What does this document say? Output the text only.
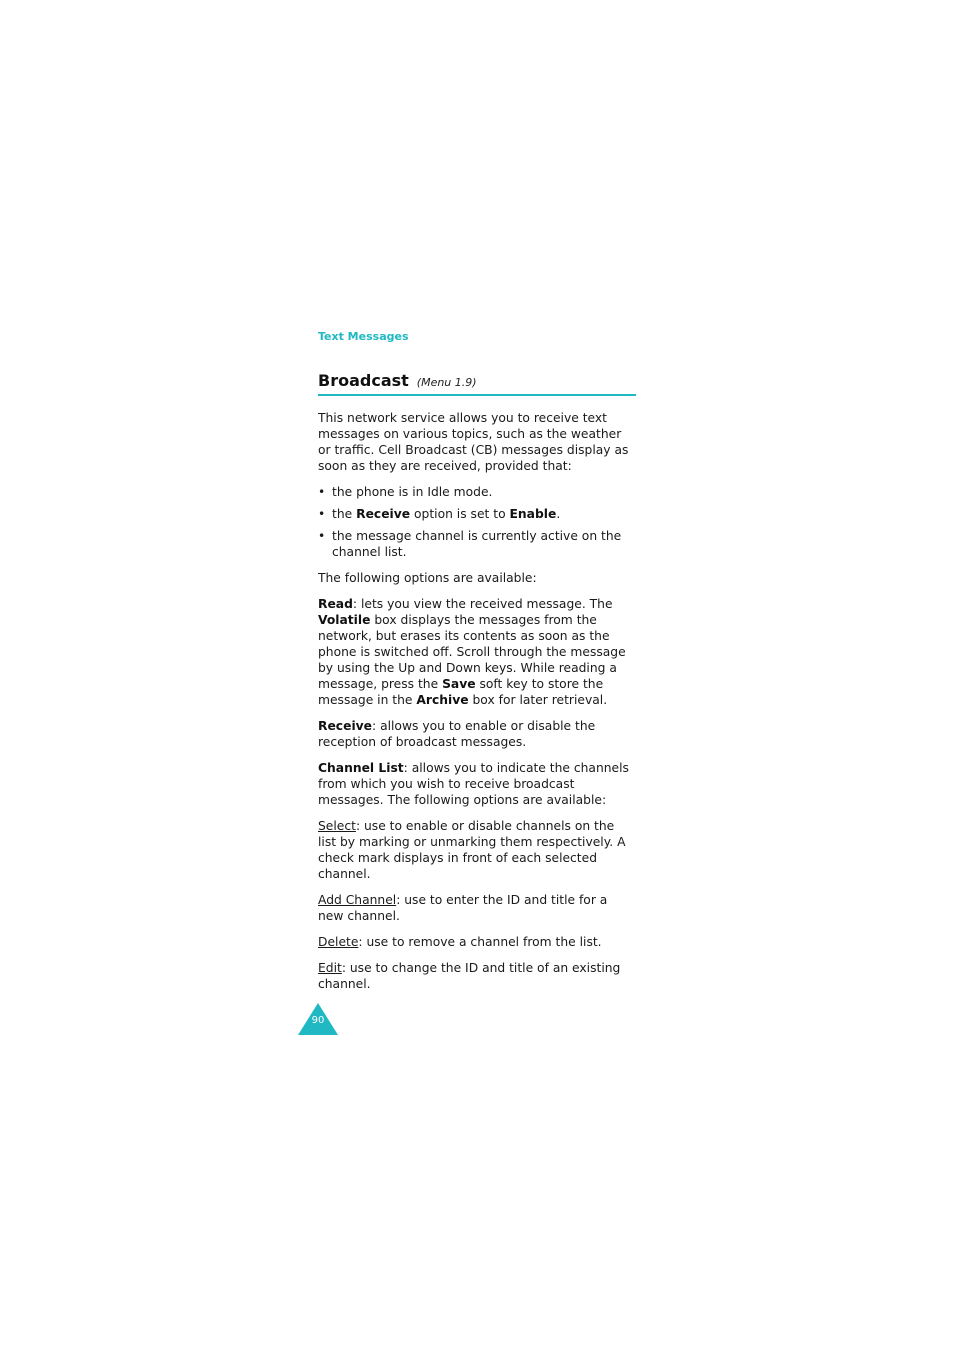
Text Messages
Broadcast (Menu 1.9)

This network service allows you to receive text messages on various topics, such as the weather or traffic. Cell Broadcast (CB) messages display as soon as they are received, provided that:

• the phone is in Idle mode.
• the Receive option is set to Enable.
• the message channel is currently active on the channel list.

The following options are available:

Read: lets you view the received message. The Volatile box displays the messages from the network, but erases its contents as soon as the phone is switched off. Scroll through the message by using the Up and Down keys. While reading a message, press the Save soft key to store the message in the Archive box for later retrieval.

Receive: allows you to enable or disable the reception of broadcast messages.

Channel List: allows you to indicate the channels from which you wish to receive broadcast messages. The following options are available:

Select: use to enable or disable channels on the list by marking or unmarking them respectively. A check mark displays in front of each selected channel.

Add Channel: use to enter the ID and title for a new channel.

Delete: use to remove a channel from the list.

Edit: use to change the ID and title of an existing channel.

90
